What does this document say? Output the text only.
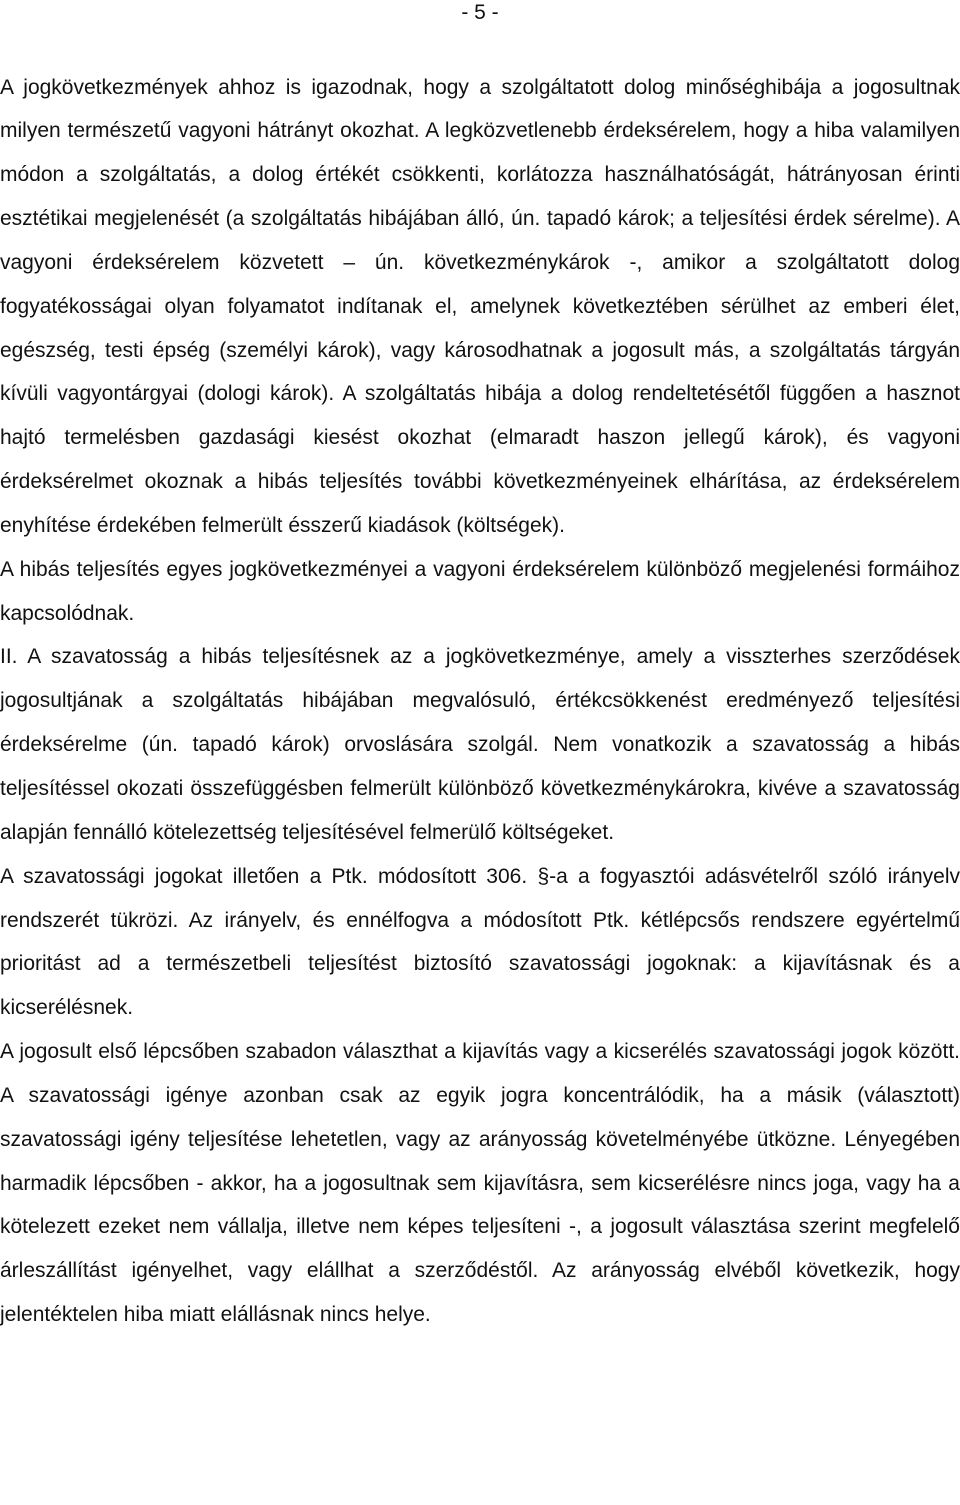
- 5 -

A jogkövetkezmények ahhoz is igazodnak, hogy a szolgáltatott dolog minőséghibája a jogosultnak milyen természetű vagyoni hátrányt okozhat. A legközvetlenebb érdeksérelem, hogy a hiba valamilyen módon a szolgáltatás, a dolog értékét csökkenti, korlátozza használhatóságát, hátrányosan érinti esztétikai megjelenését (a szolgáltatás hibájában álló, ún. tapadó károk; a teljesítési érdek sérelme). A vagyoni érdeksérelem közvetett – ún. következménykárok -, amikor a szolgáltatott dolog fogyatékosságai olyan folyamatot indítanak el, amelynek következtében sérülhet az emberi élet, egészség, testi épség (személyi károk), vagy károsodhatnak a jogosult más, a szolgáltatás tárgyán kívüli vagyontárgyai (dologi károk). A szolgáltatás hibája a dolog rendeltetésétől függően a hasznot hajtó termelésben gazdasági kiesést okozhat (elmaradt haszon jellegű károk), és vagyoni érdeksérelmet okoznak a hibás teljesítés további következményeinek elhárítása, az érdeksérelem enyhítése érdekében felmerült ésszerű kiadások (költségek).

A hibás teljesítés egyes jogkövetkezményei a vagyoni érdeksérelem különböző megjelenési formáihoz kapcsolódnak.

II. A szavatosság a hibás teljesítésnek az a jogkövetkezménye, amely a visszterhes szerződések jogosultjának a szolgáltatás hibájában megvalósuló, értékcsökkenést eredményező teljesítési érdeksérelme (ún. tapadó károk) orvoslására szolgál. Nem vonatkozik a szavatosság a hibás teljesítéssel okozati összefüggésben felmerült különböző következménykárokra, kivéve a szavatosság alapján fennálló kötelezettség teljesítésével felmerülő költségeket.

A szavatossági jogokat illetően a Ptk. módosított 306. §-a a fogyasztói adásvételről szóló irányelv rendszerét tükrözi. Az irányelv, és ennélfogva a módosított Ptk. kétlépcsős rendszere egyértelmű prioritást ad a természetbeli teljesítést biztosító szavatossági jogoknak: a kijavításnak és a kicserélésnek.

A jogosult első lépcsőben szabadon választhat a kijavítás vagy a kicserélés szavatossági jogok között. A szavatossági igénye azonban csak az egyik jogra koncentrálódik, ha a másik (választott) szavatossági igény teljesítése lehetetlen, vagy az arányosság követelményébe ütközne. Lényegében harmadik lépcsőben - akkor, ha a jogosultnak sem kijavításra, sem kicserélésre nincs joga, vagy ha a kötelezett ezeket nem vállalja, illetve nem képes teljesíteni -, a jogosult választása szerint megfelelő árleszállítást igényelhet, vagy elállhat a szerződéstől. Az arányosság elvéből következik, hogy jelentéktelen hiba miatt elállásnak nincs helye.
